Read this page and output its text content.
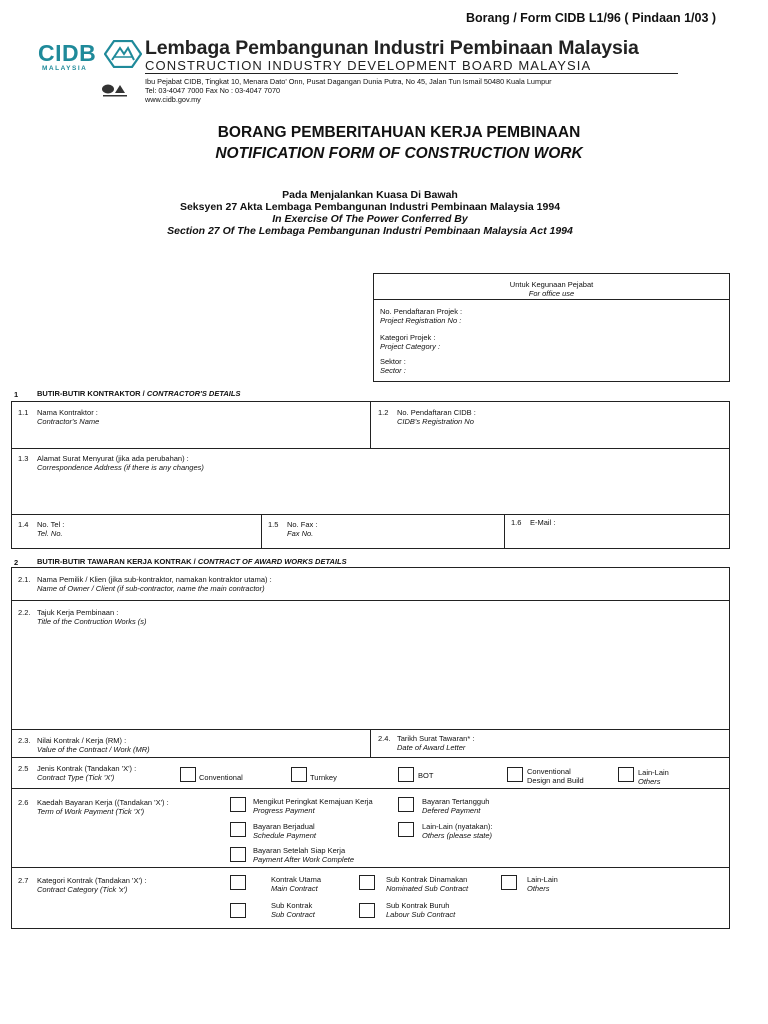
Borang / Form CIDB L1/96 ( Pindaan 1/03 )
CIDB
MALAYSIA
Lembaga Pembangunan Industri Pembinaan Malaysia
CONSTRUCTION INDUSTRY DEVELOPMENT BOARD MALAYSIA
Ibu Pejabat CIDB, Tingkat 10, Menara Dato' Onn, Pusat Dagangan Dunia Putra, No 45, Jalan Tun Ismail 50480 Kuala Lumpur
Tel: 03-4047 7000 Fax No : 03-4047 7070
www.cidb.gov.my
BORANG PEMBERITAHUAN KERJA PEMBINAAN
NOTIFICATION FORM OF CONSTRUCTION WORK
Pada Menjalankan Kuasa Di Bawah
Seksyen 27 Akta Lembaga Pembangunan Industri Pembinaan Malaysia 1994
In Exercise Of The Power Conferred By
Section 27 Of The Lembaga Pembangunan Industri Pembinaan Malaysia Act 1994
Untuk Kegunaan Pejabat
For office use
No. Pendaftaran Projek :
Project Registration No :
Kategori Projek :
Project Category :
Sektor :
Sector :
1	BUTIR-BUTIR KONTRAKTOR / CONTRACTOR'S DETAILS
1.1 Nama Kontraktor :
Contractor's Name
1.2 No. Pendaftaran CIDB :
CIDB's Registration No
1.3 Alamat Surat Menyurat (jika ada perubahan) :
Correspondence Address (if there is any changes)
1.4 No. Tel :
Tel. No.
1.5 No. Fax :
Fax No.
1.6 E-Mail :
2	BUTIR-BUTIR TAWARAN KERJA KONTRAK / CONTRACT OF AWARD WORKS DETAILS
2.1. Nama Pemilik / Klien (jika sub-kontraktor, namakan kontraktor utama) :
Name of Owner / Client (if sub-contractor, name the main contractor)
2.2. Tajuk Kerja Pembinaan :
Title of the Contruction Works (s)
2.3. Nilai Kontrak / Kerja (RM) :
Value of the Contract / Work (MR)
2.4. Tarikh Surat Tawaran* :
Date of Award Letter
2.5 Jenis Kontrak (Tandakan 'X') :
Contract Type (Tick 'X')	Conventional	Turnkey	BOT	Conventional
Design and Build
Lain-Lain
Others
2.6 Kaedah Bayaran Kerja ((Tandakan 'X') :
Term of Work Payment (Tick 'X')
Mengikut Peringkat Kemajuan Kerja
Progress Payment
Bayaran Tertangguh
Defered Payment
Bayaran Berjadual
Schedule Payment
Lain-Lain (nyatakan):
Others (please state)
Bayaran Setelah Siap Kerja
Payment After Work Complete
2.7 Kategori Kontrak (Tandakan 'X') :
Contract Category (Tick 'x')
Kontrak Utama
Main Contract
Sub Kontrak Dinamakan
Nominated Sub Contract
Lain-Lain
Others
Sub Kontrak
Sub Contract
Sub Kontrak Buruh
Labour Sub Contract
